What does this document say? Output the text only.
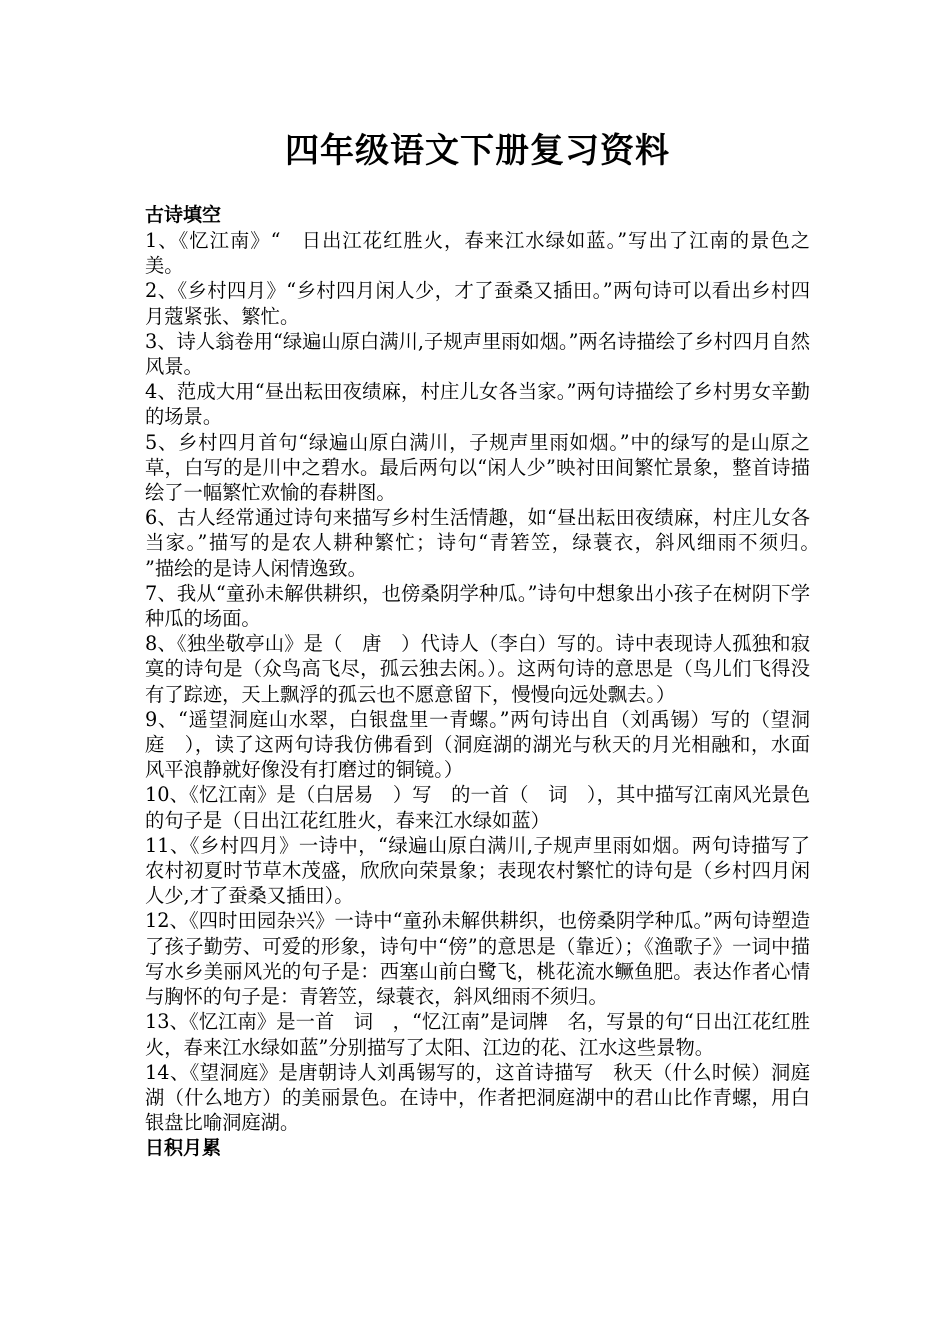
四年级语文下册复习资料
古诗填空
1、《忆江南》“　日出江花红胜火，春来江水绿如蓝。”写出了江南的景色之美。
2、《乡村四月》“乡村四月闲人少，才了蚕桑又插田。”两句诗可以看出乡村四月蔻紧张、繁忙。
3、诗人翁卷用“绿遍山原白满川,子规声里雨如烟。”两名诗描绘了乡村四月自然风景。
4、范成大用“昼出耘田夜绩麻，村庄儿女各当家。”两句诗描绘了乡村男女辛勤的场景。
5、乡村四月首句“绿遍山原白满川，子规声里雨如烟。”中的绿写的是山原之草，白写的是川中之碧水。最后两句以“闲人少”映衬田间繁忙景象，整首诗描绘了一幅繁忙欢愉的春耕图。
6、古人经常通过诗句来描写乡村生活情趣，如“昼出耘田夜绩麻，村庄儿女各当家。”描写的是农人耕种繁忙；诗句“青箬笠，绿蓑衣，斜风细雨不须归。　”描绘的是诗人闲情逸致。
7、我从“童孙未解供耕织，也傍桑阴学种瓜。”诗句中想象出小孩子在树阴下学种瓜的场面。
8、《独坐敬亭山》是（　唐　）代诗人（李白）写的。诗中表现诗人孤独和寂寞的诗句是（众鸟高飞尽，孤云独去闲。）。这两句诗的意思是（鸟儿们飞得没有了踪迹，天上飘浮的孤云也不愿意留下，慢慢向远处飘去。）
9、“遥望洞庭山水翠，白银盘里一青螺。”两句诗出自（刘禹锡）写的（望洞庭　），读了这两句诗我仿佛看到（洞庭湖的湖光与秋天的月光相融和，水面风平浪静就好像没有打磨过的铜镜。）
10、《忆江南》是（白居易　）写　的一首（　词　），其中描写江南风光景色的句子是（日出江花红胜火，春来江水绿如蓝）
11、《乡村四月》一诗中，“绿遍山原白满川,子规声里雨如烟。两句诗描写了农村初夏时节草木茂盛，欣欣向荣景象；表现农村繁忙的诗句是（乡村四月闲人少,才了蚕桑又插田）。
12、《四时田园杂兴》一诗中“童孙未解供耕织，也傍桑阴学种瓜。”两句诗塑造了孩子勤劳、可爱的形象，诗句中“傍”的意思是（靠近）；《渔歌子》一词中描写水乡美丽风光的句子是：西塞山前白鹭飞，桃花流水鳜鱼肥。表达作者心情与胸怀的句子是：青箬笠，绿蓑衣，斜风细雨不须归。
13、《忆江南》是一首　词　，“忆江南”是词牌　名，写景的句“日出江花红胜火，春来江水绿如蓝”分别描写了太阳、江边的花、江水这些景物。
14、《望洞庭》是唐朝诗人刘禹锡写的，这首诗描写　秋天（什么时候）洞庭湖（什么地方）的美丽景色。在诗中，作者把洞庭湖中的君山比作青螺，用白银盘比喻洞庭湖。
日积月累
